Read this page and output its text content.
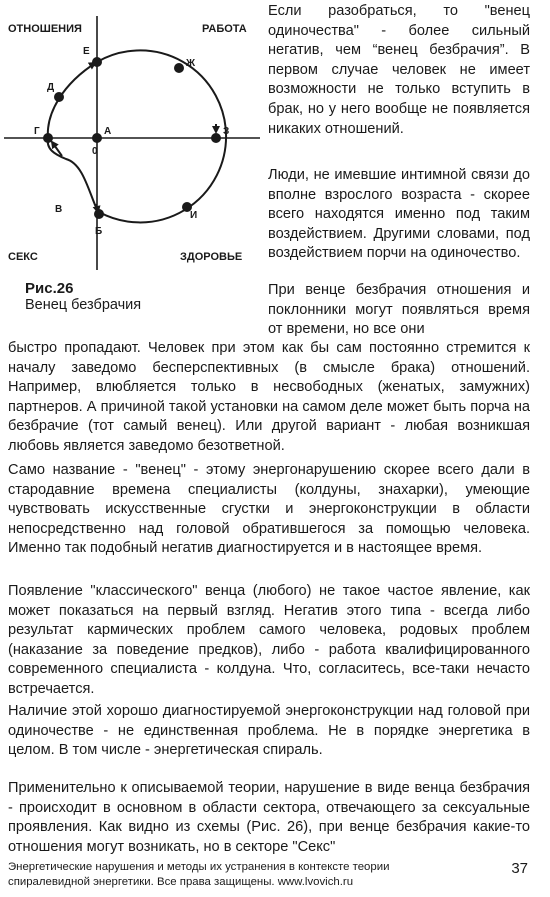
ОТНОШЕНИЯ	РАБОТА
СЕКС	ЗДОРОВЬЕ
Е
Д
Ж
Г	А
0
З
В
И
Б
Рис.26
Венец безбрачия
Если разобраться, то "венец одиночества" - более сильный негатив, чем “венец безбрачия”. В первом случае человек не имеет возможности не только вступить в брак, но у него вообще не появляется никаких отношений.
Люди, не имевшие интимной связи до вполне взрослого возраста - скорее всего находятся именно под таким воздействием. Другими словами, под воздействием порчи на одиночество.
При венце безбрачия отношения и поклонники могут появляться время от времени, но все они
быстро пропадают. Человек при этом как бы сам постоянно стремится к началу заведомо бесперспективных (в смысле брака) отношений. Например, влюбляется только в несвободных (женатых, замужних) партнеров. А причиной такой установки на самом деле может быть порча на безбрачие (тот самый венец). Или другой вариант - любая возникшая любовь является заведомо безответной.
Само название - "венец" - этому энергонарушению скорее всего дали в стародавние времена специалисты (колдуны, знахарки), умеющие чувствовать искусственные сгустки и энергоконструкции в области непосредственно над головой обратившегося за помощью человека. Именно так подобный негатив диагностируется и в настоящее время.
Появление "классического" венца (любого) не такое частое явление, как может показаться на первый взгляд. Негатив этого типа - всегда либо результат кармических проблем самого человека, родовых проблем (наказание за поведение предков), либо - работа квалифицированного современного специалиста - колдуна. Что, согласитесь, все-таки нечасто встречается.
Наличие этой хорошо диагностируемой энергоконструкции над головой при одиночестве - не единственная проблема. Не в порядке энергетика в целом. В том числе - энергетическая спираль.
Применительно к описываемой теории, нарушение в виде венца безбрачия - происходит в основном в области сектора, отвечающего за сексуальные проявления. Как видно из схемы (Рис. 26), при венце безбрачия какие-то отношения могут возникать, но в секторе "Секс"
Энергетические нарушения и методы их устранения в контексте теории
спиралевидной энергетики. Все права защищены. www.lvovich.ru
37
